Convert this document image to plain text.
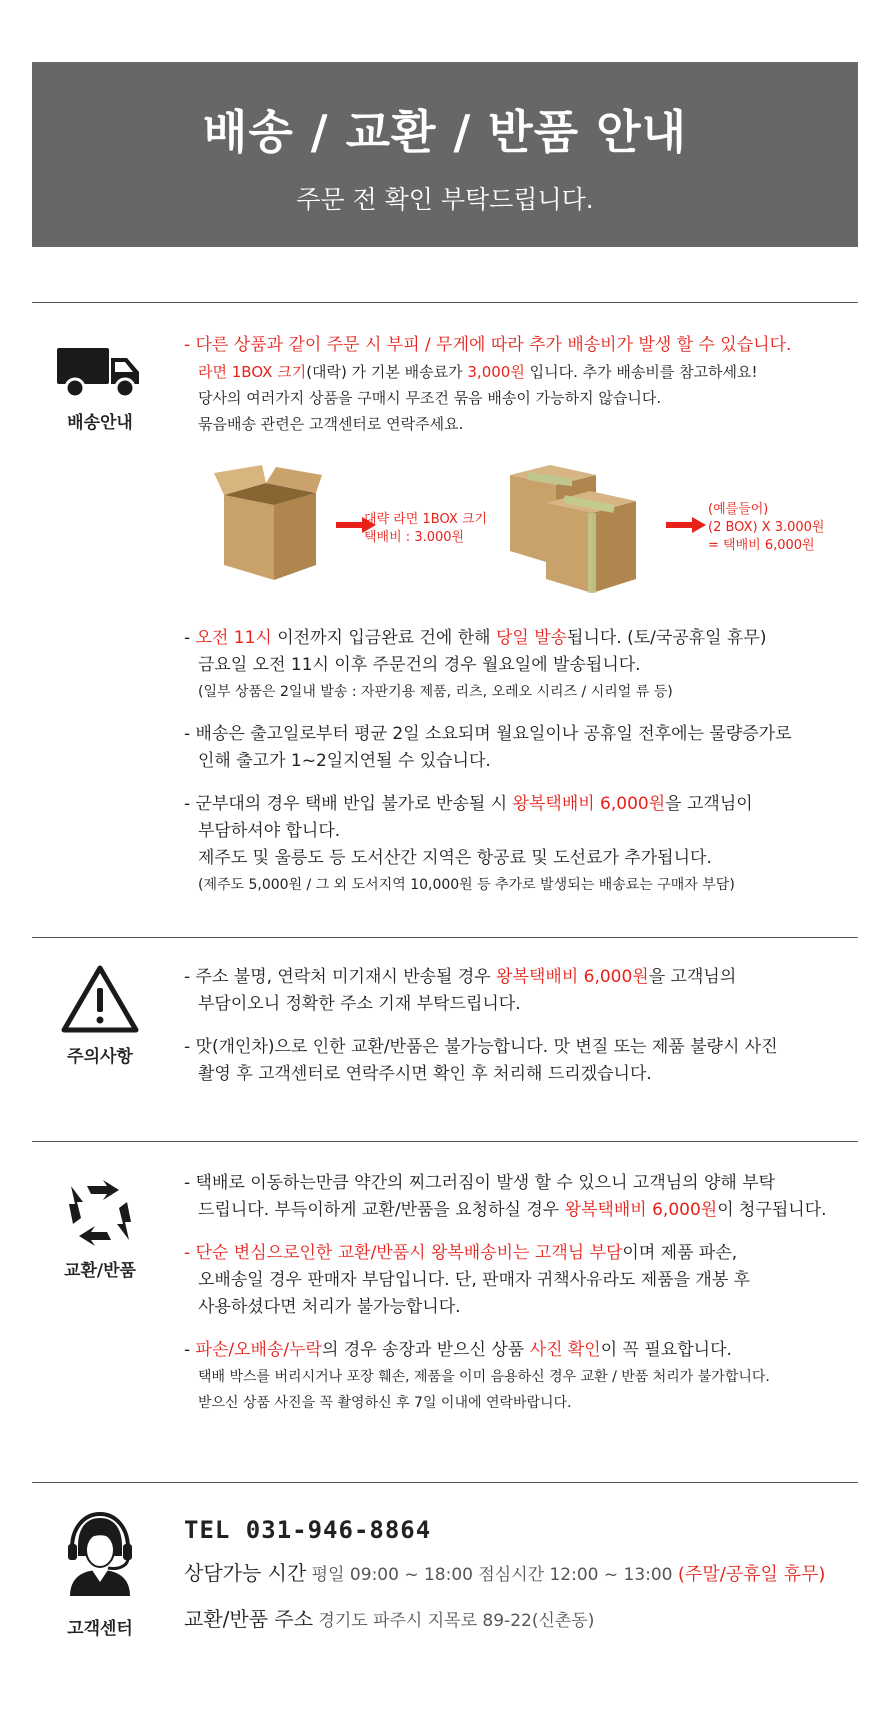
배송 / 교환 / 반품 안내
주문 전 확인 부탁드립니다.
배송안내
- 다른 상품과 같이 주문 시 부피 / 무게에 따라 추가 배송비가 발생 할 수 있습니다.
라면 1BOX 크기(대락) 가 기본 배송료가 3,000원 입니다. 추가 배송비를 참고하세요!
당사의 여러가지 상품을 구매시 무조건 묶음 배송이 가능하지 않습니다.
묶음배송 관련은 고객센터로 연락주세요.
대략 라면 1BOX 크기
택배비 : 3.000원
(예를들어)
(2 BOX) X 3.000원
= 택배비 6,000원
- 오전 11시 이전까지 입금완료 건에 한해 당일 발송됩니다. (토/국공휴일 휴무)
금요일 오전 11시 이후 주문건의 경우 월요일에 발송됩니다.
(일부 상품은 2일내 발송 : 자판기용 제품, 리츠, 오레오 시리즈 / 시리얼 류 등)
- 배송은 출고일로부터 평균 2일 소요되며 월요일이나 공휴일 전후에는 물량증가로
인해 출고가 1~2일지연될 수 있습니다.
- 군부대의 경우 택배 반입 불가로 반송될 시 왕복택배비 6,000원을 고객님이
부담하셔야 합니다.
제주도 및 울릉도 등 도서산간 지역은 항공료 및 도선료가 추가됩니다.
(제주도 5,000원 / 그 외 도서지역 10,000원 등 추가로 발생되는 배송료는 구매자 부담)
주의사항
- 주소 불명, 연락처 미기재시 반송될 경우 왕복택배비 6,000원을 고객님의
부담이오니 정확한 주소 기재 부탁드립니다.
- 맛(개인차)으로 인한 교환/반품은 불가능합니다. 맛 변질 또는 제품 불량시 사진
촬영 후 고객센터로 연락주시면 확인 후 처리해 드리겠습니다.
교환/반품
- 택배로 이동하는만큼 약간의 찌그러짐이 발생 할 수 있으니 고객님의 양해 부탁
드립니다. 부득이하게 교환/반품을 요청하실 경우 왕복택배비 6,000원이 청구됩니다.
- 단순 변심으로인한 교환/반품시 왕복배송비는 고객님 부담이며 제품 파손,
오배송일 경우 판매자 부담입니다. 단, 판매자 귀책사유라도 제품을 개봉 후
사용하셨다면 처리가 불가능합니다.
- 파손/오배송/누락의 경우 송장과 받으신 상품 사진 확인이 꼭 필요합니다.
택배 박스를 버리시거나 포장 훼손, 제품을 이미 음용하신 경우 교환 / 반품 처리가 불가합니다.
받으신 상품 사진을 꼭 촬영하신 후 7일 이내에 연락바랍니다.
고객센터
TEL 031-946-8864
상담가능 시간 평일 09:00 ~ 18:00 점심시간 12:00 ~ 13:00 (주말/공휴일 휴무)
교환/반품 주소 경기도 파주시 지목로 89-22(신촌동)
